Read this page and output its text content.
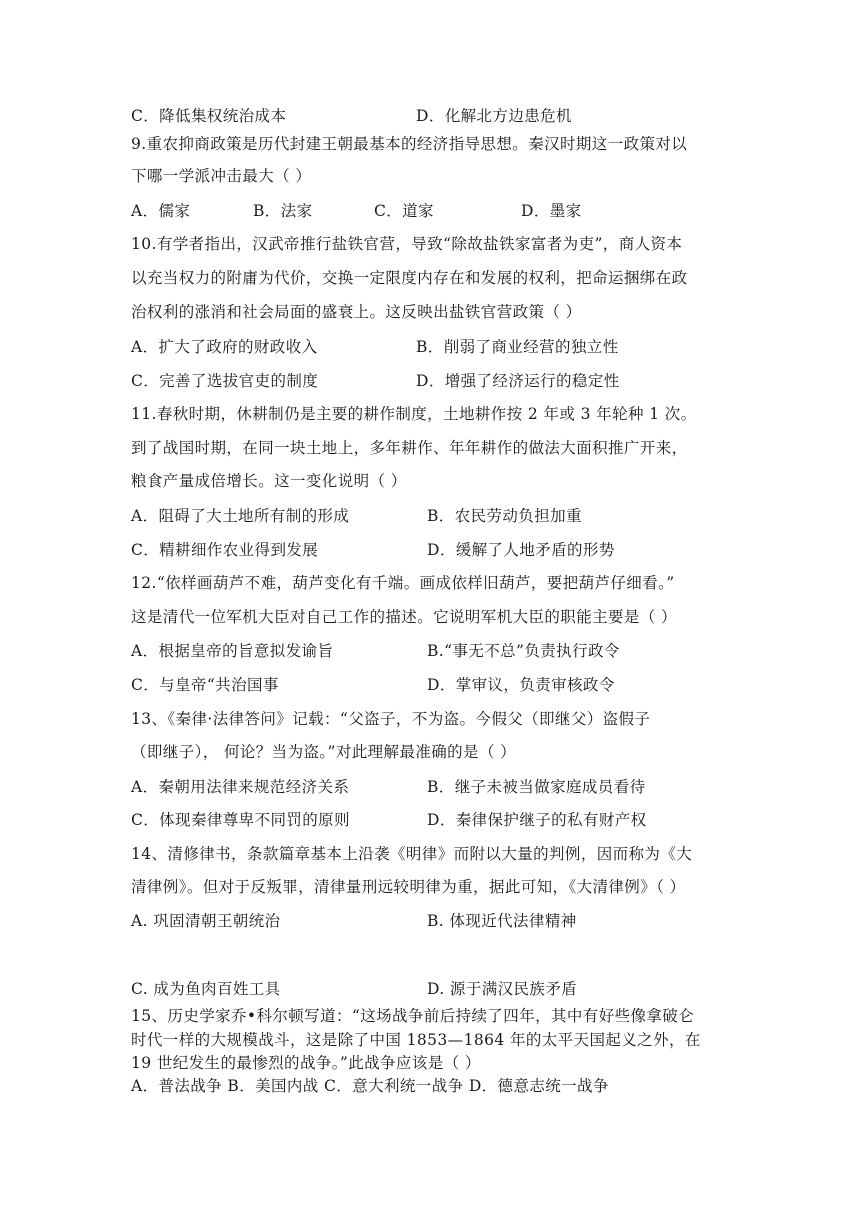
C．降低集权统治成本	D．化解北方边患危机
9.重农抑商政策是历代封建王朝最基本的经济指导思想。秦汉时期这一政策对以
下哪一学派冲击最大（ ）
A．儒家	B．法家	C．道家	D．墨家
10.有学者指出，汉武帝推行盐铁官营，导致“除故盐铁家富者为吏”，商人资本
以充当权力的附庸为代价，交换一定限度内存在和发展的权利，把命运捆绑在政
治权利的涨消和社会局面的盛衰上。这反映出盐铁官营政策（ ）
A．扩大了政府的财政收入	B．削弱了商业经营的独立性
C．完善了选拔官吏的制度	D．增强了经济运行的稳定性
11.春秋时期，休耕制仍是主要的耕作制度，土地耕作按 2 年或 3 年轮种 1 次。
到了战国时期，在同一块土地上，多年耕作、年年耕作的做法大面积推广开来，
粮食产量成倍增长。这一变化说明（ ）
A．阻碍了大土地所有制的形成	B．农民劳动负担加重
C．精耕细作农业得到发展	D．缓解了人地矛盾的形势
12.“依样画葫芦不难，葫芦变化有千端。画成依样旧葫芦，要把葫芦仔细看。”
这是清代一位军机大臣对自己工作的描述。它说明军机大臣的职能主要是（ ）
A．根据皇帝的旨意拟发谕旨	B.“事无不总”负责执行政令
C．与皇帝“共治国事	D．掌审议，负责审核政令
13、《秦律·法律答问》记载：“父盗子，不为盗。今假父（即继父）盗假子
（即继子）， 何论？当为盗。”对此理解最准确的是（ ）
A．秦朝用法律来规范经济关系	B．继子未被当做家庭成员看待
C．体现秦律尊卑不同罚的原则	D．秦律保护继子的私有财产权
14、清修律书，条款篇章基本上沿袭《明律》而附以大量的判例，因而称为《大
清律例》。但对于反叛罪，清律量刑远较明律为重，据此可知，《大清律例》（ ）
A. 巩固清朝王朝统治	B. 体现近代法律精神
C. 成为鱼肉百姓工具	D. 源于满汉民族矛盾
15、历史学家乔•科尔顿写道：“这场战争前后持续了四年，其中有好些像拿破仑
时代一样的大规模战斗，这是除了中国 1853—1864 年的太平天国起义之外，在
19 世纪发生的最惨烈的战争。”此战争应该是（ ）
A．普法战争 B．美国内战 C．意大利统一战争 D．德意志统一战争
